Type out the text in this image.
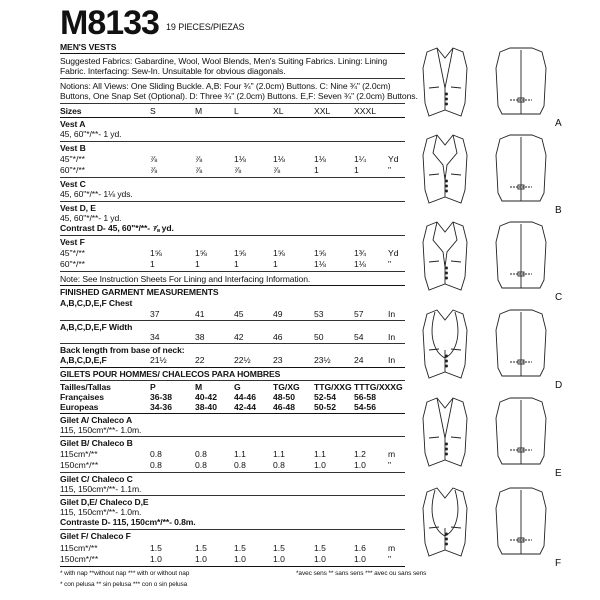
M8133 19 PIECES/PIEZAS
MEN'S VESTS
Suggested Fabrics: Gabardine, Wool, Wool Blends, Men's Suiting Fabrics. Lining: Lining
Fabric. Interfacing: Sew-In. Unsuitable for obvious diagonals.
Notions: All Views: One Sliding Buckle. A,B: Four ¾" (2.0cm) Buttons. C: Nine ¾" (2.0cm)
Buttons, One Snap Set (Optional). D: Three ¾" (2.0cm) Buttons. E,F: Seven ¾" (2.0cm) Buttons.
Sizes	S	M	L	XL	XXL	XXXL
Vest A
45, 60"*/**- 1 yd.
Vest B
45"*/**	⅞	⅞	1⅛	1⅛	1⅛	1¼	Yd
60"*/**	⅞	⅞	⅞	⅞	1	1	"
Vest C
45, 60"*/**- 1⅛ yds.
Vest D, E
45, 60"*/**- 1 yd.
Contrast D- 45, 60"*/**- ⅞ yd.
Vest F
45"*/**	1⅝	1⅝	1⅝	1⅝	1⅝	1¾	Yd
60"*/**	1	1	1	1	1⅛	1⅛	"
Note: See Instruction Sheets For Lining and Interfacing Information.
FINISHED GARMENT MEASUREMENTS
A,B,C,D,E,F Chest
37	41	45	49	53	57	In
A,B,C,D,E,F Width
34	38	42	46	50	54	In
Back length from base of neck:
A,B,C,D,E,F	21½	22	22½	23	23½	24	In
GILETS POUR HOMMES/ CHALECOS PARA HOMBRES
Tailles/Tallas	P	M	G	TG/XG TTG/XXG TTTG/XXXG
Françaises	36-38	40-42 44-46 48-50 52-54 56-58
Europeas	34-36	38-40 42-44 46-48 50-52 54-56
Gilet A/ Chaleco A
115, 150cm*/**- 1.0m.
Gilet B/ Chaleco B
115cm*/**	0.8	0.8	1.1	1.1	1.1	1.2	m
150cm*/**	0.8	0.8	0.8	0.8	1.0	1.0	"
Gilet C/ Chaleco C
115, 150cm*/**- 1.1m.
Gilet D,E/ Chaleco D,E
115, 150cm*/**- 1.0m.
Contraste D- 115, 150cm*/**- 0.8m.
Gilet F/ Chaleco F
115cm*/**	1.5	1.5	1.5	1.5	1.5	1.6	m
150cm*/**	1.0	1.0	1.0	1.0	1.0	1.0	"
* with nap **without nap *** with or without nap
* con pelusa ** sin pelusa *** con o sin pelusa
*avec sens ** sans sens *** avec ou sans sens
A
B
C
D
E
F
